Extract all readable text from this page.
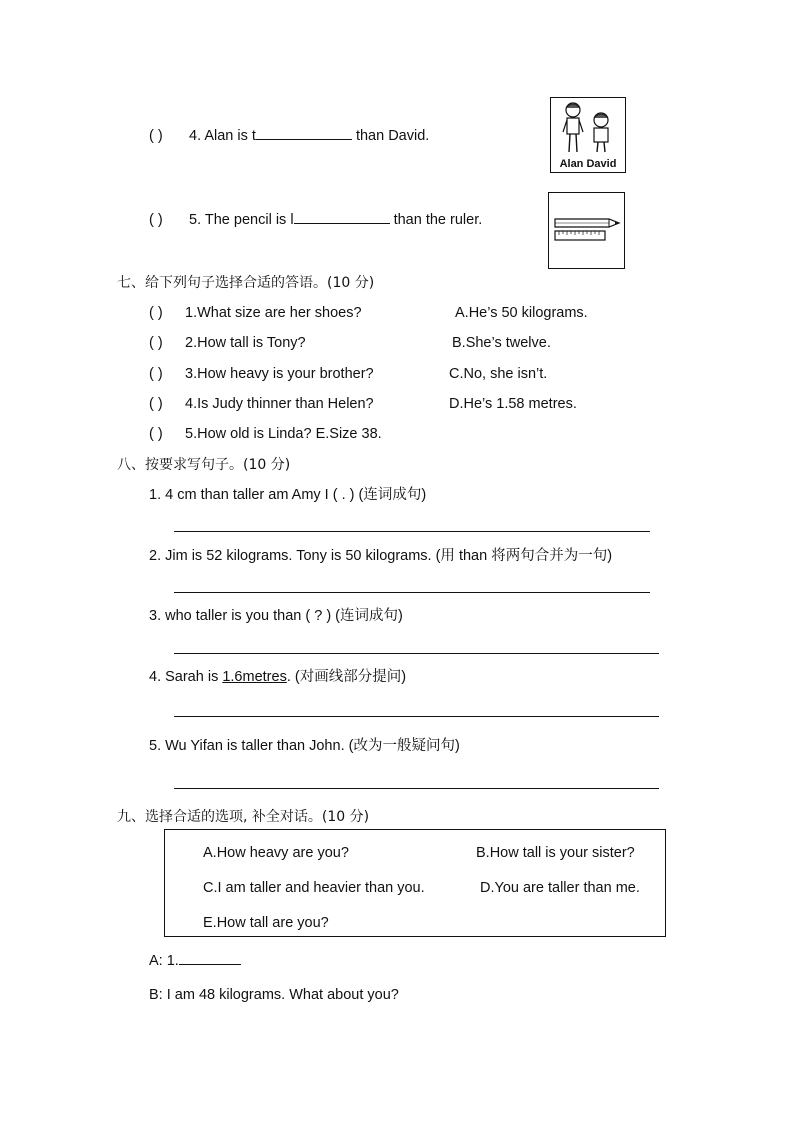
( ) 4. Alan is t	than David.
Alan David
( ) 5. The pencil is l	than the ruler.
七、给下列句子选择合适的答语。(10 分)
( ) 1.What size are her shoes?	A.He’s 50 kilograms.
( ) 2.How tall is Tony?	B.She’s twelve.
( ) 3.How heavy is your brother?	C.No, she isn’t.
( ) 4.Is Judy thinner than Helen?	D.He’s 1.58 metres.
( ) 5.How old is Linda? E.Size 38.
八、按要求写句子。(10 分)
1. 4 cm than taller am Amy I ( . ) (连词成句)
2. Jim is 52 kilograms. Tony is 50 kilograms. (用 than 将两句合并为一句)
3. who taller is you than ( ? ) (连词成句)
4. Sarah is 1.6metres. (对画线部分提问)
5. Wu Yifan is taller than John. (改为一般疑问句)
九、选择合适的选项, 补全对话。(10 分)
A.How heavy are you?	B.How tall is your sister?
C.I am taller and heavier than you.	D.You are taller than me.
E.How tall are you?
A: 1.
B: I am 48 kilograms. What about you?
